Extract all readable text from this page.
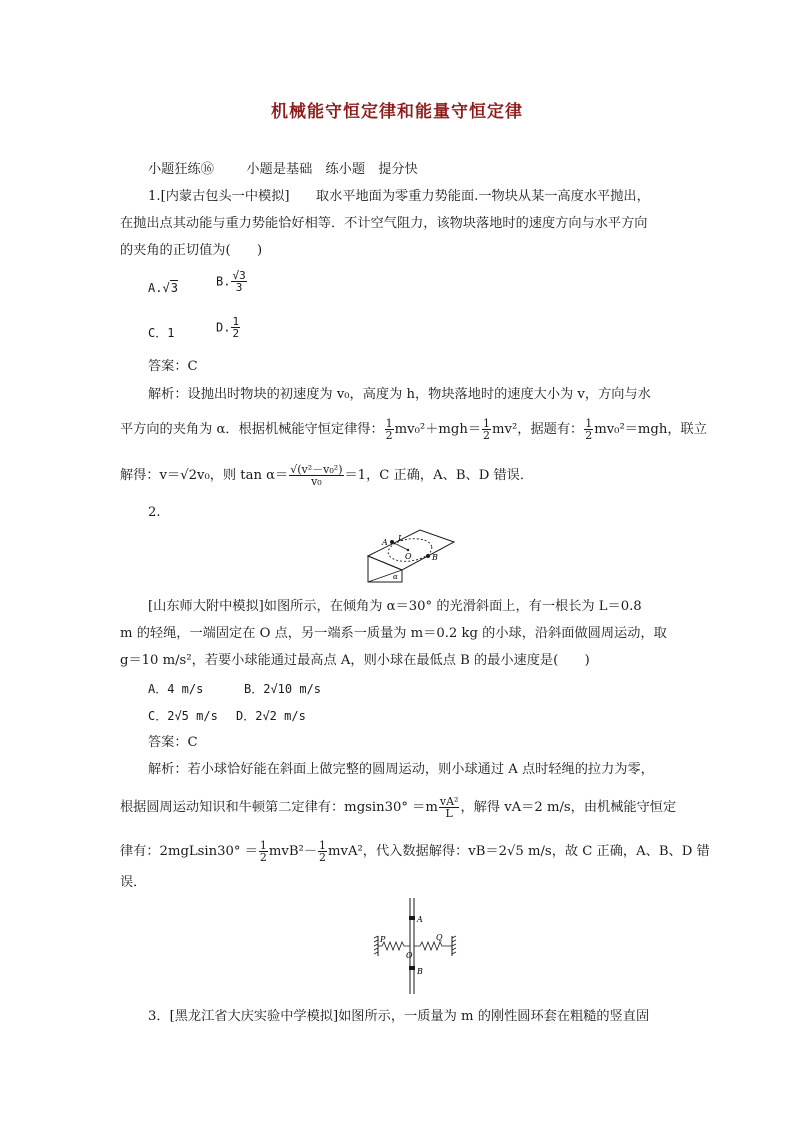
机械能守恒定律和能量守恒定律
小题狂练⑯ 小题是基础　练小题　提分快
1.[内蒙古包头一中模拟]　　取水平地面为零重力势能面.一物块从某一高度水平抛出，
在抛出点其动能与重力势能恰好相等．不计空气阻力，该物块落地时的速度方向与水平方向
的夹角的正切值为(　　)
A.√3	B. $\frac{√3}{3}$
C．1	D. $\frac{1}{2}$
答案：C
解析：设抛出时物块的初速度为 v₀，高度为 h，物块落地时的速度大小为 v，方向与水
平方向的夹角为 α．根据机械能守恒定律得： $\frac{1}{2} mv_0^2+mgh= \frac{1}{2} mv^2$，据题有： $\frac{1}{2} mv_0^2=mgh$，联立
解得：v＝√2v₀，则 $\tan \alpha= \frac{\text{√(v²－v₀²)}}{\text{v₀}} =1$，C 正确，A、B、D 错误．
2.
A L
O	B
α
[山东师大附中模拟]如图所示，在倾角为 α＝30° 的光滑斜面上，有一根长为 L＝0.8
m 的轻绳，一端固定在 O 点，另一端系一质量为 m＝0.2 kg 的小球，沿斜面做圆周运动，取
g＝10 m/s²，若要小球能通过最高点 A，则小球在最低点 B 的最小速度是(　　)
A．4 m/s	B．2√10 m/s
C．2√5 m/s D．2√2 m/s
答案：C
解析：若小球恰好能在斜面上做完整的圆周运动，则小球通过 A 点时轻绳的拉力为零，
根据圆周运动知识和牛顿第二定律有：$mgsin30^\circ =m \frac{\text{vA²}}{L}$ ，解得 vA＝2 m/s，由机械能守恒定
律有：$2mgLsin30^\circ = \frac{1}{2} mvB^2- \frac{1}{2} mvA^2$，代入数据解得：vB＝2√5 m/s，故 C 正确，A、B、D 错
误．
A
P	Q
O
B
3．[黑龙江省大庆实验中学模拟]如图所示，一质量为 m 的刚性圆环套在粗糙的竖直固
